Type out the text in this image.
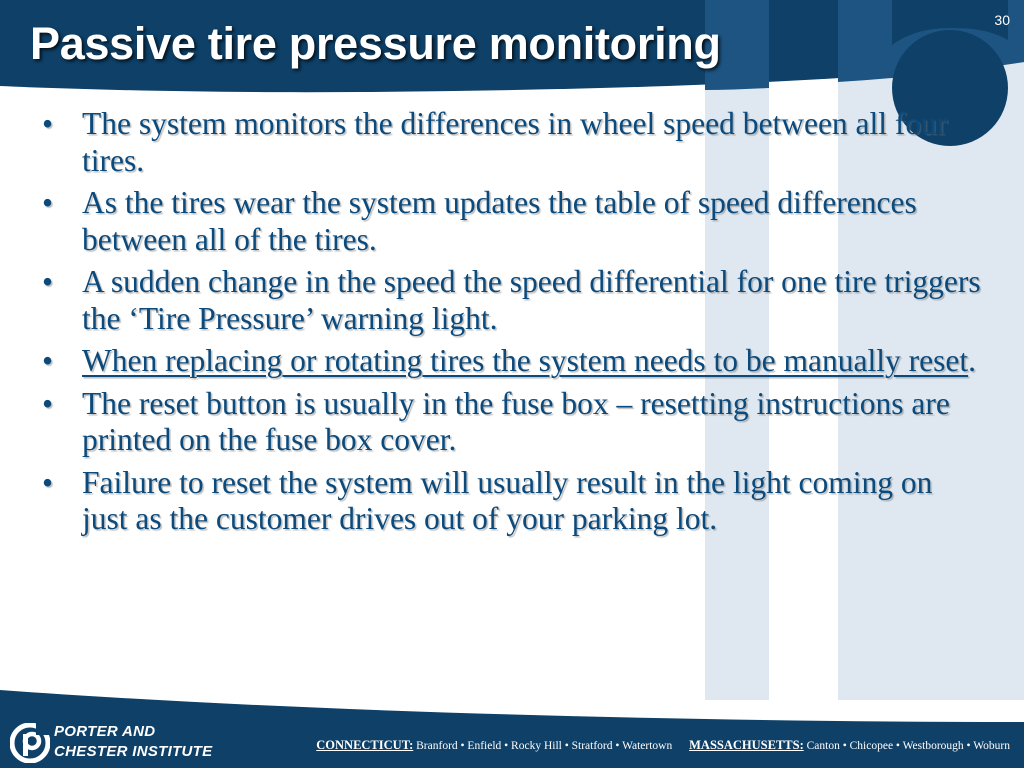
30
Passive tire pressure monitoring
• The system monitors the differences in wheel speed between all four tires.
• As the tires wear the system updates the table of speed differences between all of the tires.
• A sudden change in the speed the speed differential for one tire triggers the ‘Tire Pressure’ warning light.
• When replacing or rotating tires the system needs to be manually reset.
• The reset button is usually in the fuse box – resetting instructions are printed on the fuse box cover.
• Failure to reset the system will usually result in the light coming on just as the customer drives out of your parking lot.
PORTER AND
CHESTER INSTITUTE	CONNECTICUT: Branford • Enfield • Rocky Hill • Stratford • Watertown MASSACHUSETTS: Canton • Chicopee • Westborough • Woburn
